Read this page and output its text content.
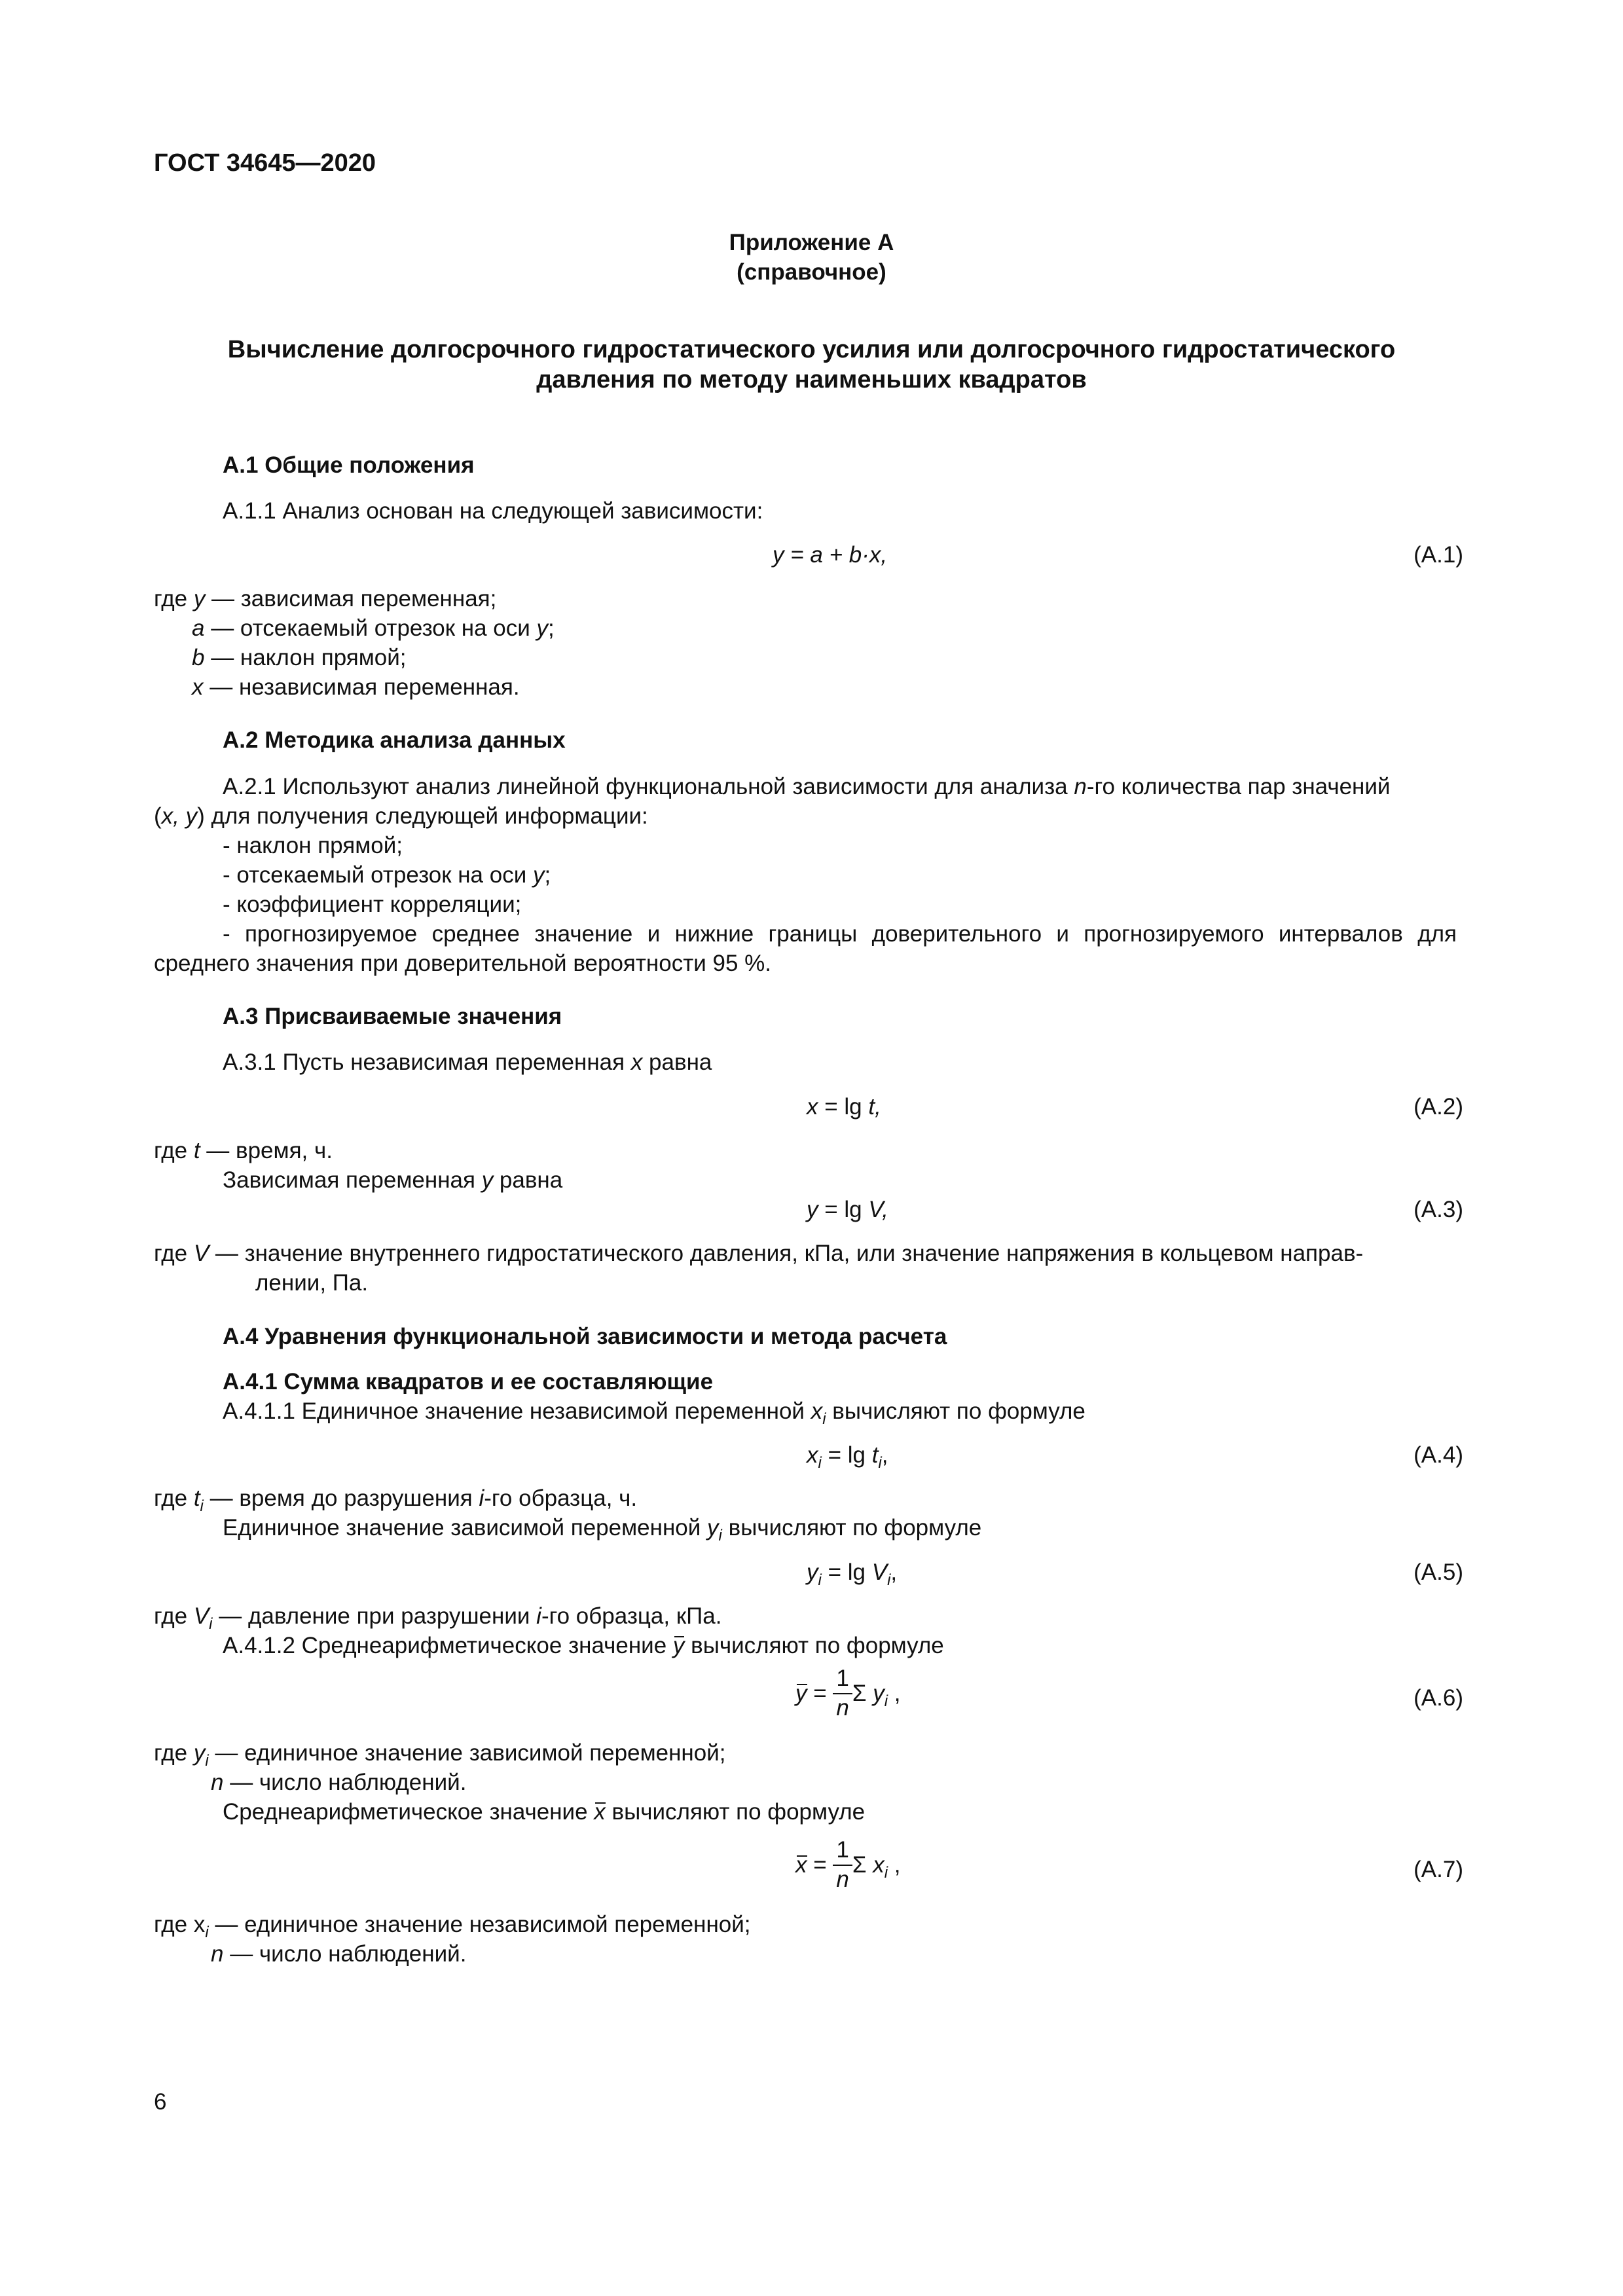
ГОСТ 34645—2020
Приложение А
(справочное)
Вычисление долгосрочного гидростатического усилия или долгосрочного гидростатического
давления по методу наименьших квадратов
А.1 Общие положения
А.1.1 Анализ основан на следующей зависимости:
y = a + b·x,	(А.1)
где y — зависимая переменная;
a — отсекаемый отрезок на оси y;
b — наклон прямой;
x — независимая переменная.
А.2 Методика анализа данных
А.2.1 Используют анализ линейной функциональной зависимости для анализа n-го количества пар значений
(x, y) для получения следующей информации:
- наклон прямой;
- отсекаемый отрезок на оси y;
- коэффициент корреляции;
- прогнозируемое среднее значение и нижние границы доверительного и прогнозируемого интервалов для
среднего значения при доверительной вероятности 95 %.
А.3 Присваиваемые значения
А.3.1 Пусть независимая переменная x равна
x = lg t,	(А.2)
где t — время, ч.
Зависимая переменная y равна
y = lg V,	(А.3)
где V — значение внутреннего гидростатического давления, кПа, или значение напряжения в кольцевом направ-
лении, Па.
А.4 Уравнения функциональной зависимости и метода расчета
А.4.1 Сумма квадратов и ее составляющие
А.4.1.1 Единичное значение независимой переменной $x_i$ вычисляют по формуле
$x_i = \lg t_i$,	(А.4)
где $t_i$ — время до разрушения i-го образца, ч.
Единичное значение зависимой переменной $y_i$ вычисляют по формуле
$y_i = \lg V_i$,	(А.5)
где $V_i$ — давление при разрушении i-го образца, кПа.
А.4.1.2 Среднеарифметическое значение y вычисляют по формуле
$y = \frac{1}{n}$ Σ $y_i$ ,	(А.6)
где $y_i$ — единичное значение зависимой переменной;
n — число наблюдений.
Среднеарифметическое значение x вычисляют по формуле
$x = \frac{1}{n}$ Σ $x_i$ ,	(А.7)
где $x_i$ — единичное значение независимой переменной;
n — число наблюдений.
6
